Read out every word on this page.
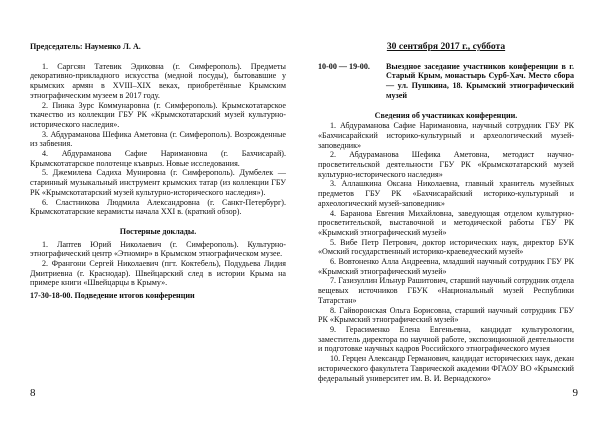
Председатель: Науменко Л. А.

1. Саргсян Татевик Эдиковна (г. Симферополь). Предметы декоративно-прикладного искусства (медной посуды), бытовавшие у крымских армян в XVIII–XIX веках, приобретённые Крымским этнографическим музеем в 2017 году.

2. Пинка Зурс Коммунаровна (г. Симферополь). Крымскотатарское ткачество из коллекции ГБУ РК «Крымскотатарский музей культурно-исторического наследия».

3. Абдураманова Шефика Аметовна (г. Симферополь). Возрожденные из забвения.

4. Абдураманова Сафие Наримановна (г. Бахчисарай). Крымскотатарское полотенце къаврыз. Новые исследования.

5. Джемилева Садиха Мунировна (г. Симферополь). Думбелек — старинный музыкальный инструмент крымских татар (из коллекции ГБУ РК «Крымскотатарский музей культурно-исторического наследия»).

6. Сластникова Людмила Александровна (г. Санкт-Петербург). Крымскотатарские керамисты начала XXI в. (краткий обзор).

Постерные доклады.

1. Лаптев Юрий Николаевич (г. Симферополь). Культурно-этнографический центр «Этномир» в Крымском этнографическом музее.

2. Франгони Сергей Николаевич (пгт. Коктебель), Подудьева Лидия Дмитриевна (г. Краснодар). Швейцарский след в истории Крыма на примере книги «Швейцарцы в Крыму».

17-30-18-00. Подведение итогов конференции

8

30 сентября 2017 г., суббота

10-00 — 19-00.	Выездное заседание участников конференции в г. Старый Крым, монастырь Сурб-Хач. Место сбора — ул. Пушкина, 18. Крымский этнографический музей

Сведения об участниках конференции.

1. Абдураманова Сафие Наримановна, научный сотрудник ГБУ РК «Бахчисарайский историко-культурный и археологический музей-заповедник»

2. Абдураманова Шефика Аметовна, методист научно-просветительской деятельности ГБУ РК «Крымскотатарский музей культурно-исторического наследия»

3. Аллашкина Оксана Николаевна, главный хранитель музейных предметов ГБУ РК «Бахчисарайский историко-культурный и археологический музей-заповедник»

4. Баранова Евгения Михайловна, заведующая отделом культурно-просветительской, выставочной и методической работы ГБУ РК «Крымский этнографический музей»

5. Вибе Петр Петрович, доктор исторических наук, директор БУК «Омский государственный историко-краеведческий музей»

6. Вовтоненко Алла Андреевна, младший научный сотрудник ГБУ РК «Крымский этнографический музей»

7. Газизуллин Ильнур Рашитович, старший научный сотрудник отдела вещевых источников ГБУК «Национальный музей Республики Татарстан»

8. Гайворонская Ольга Борисовна, старший научный сотрудник ГБУ РК «Крымский этнографический музей»

9. Герасименко Елена Евгеньевна, кандидат культурологии, заместитель директора по научной работе, экспозиционной деятельности и подготовке научных кадров Российского этнографического музея

10. Герцен Александр Германович, кандидат исторических наук, декан исторического факультета Таврической академии ФГАОУ ВО «Крымский федеральный университет им. В. И. Вернадского»

9
